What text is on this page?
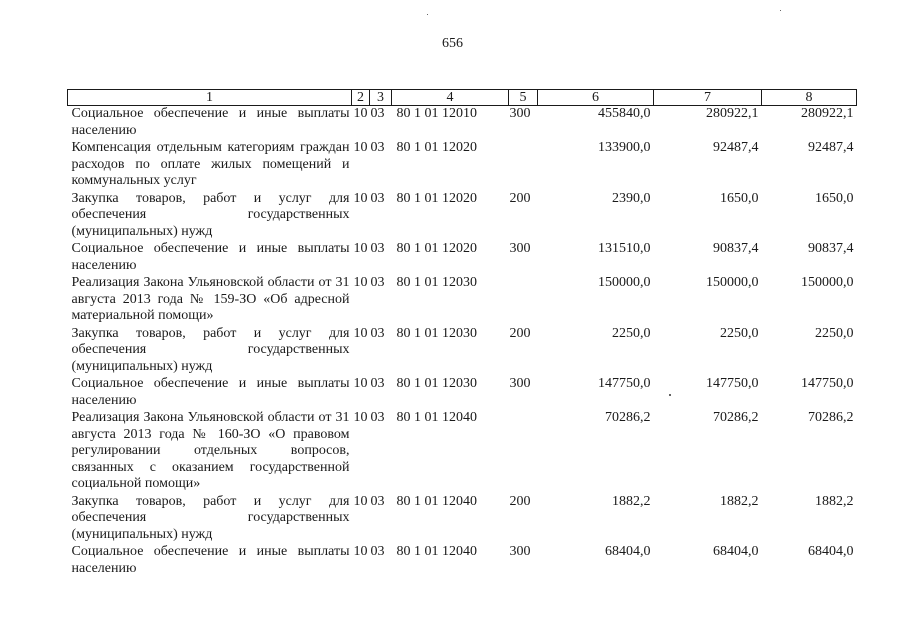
656
1	2	3	4	5	6	7	8
Социальное обеспечение и иные выплаты населению	10	03	80 1 01 12010	300	455840,0	280922,1	280922,1
Компенсация отдельным категориям граждан расходов по оплате жилых помещений и коммунальных услуг	10	03	80 1 01 12020		133900,0	92487,4	92487,4
Закупка товаров, работ и услуг для обеспечения государственных (муниципальных) нужд	10	03	80 1 01 12020	200	2390,0	1650,0	1650,0
Социальное обеспечение и иные выплаты населению	10	03	80 1 01 12020	300	131510,0	90837,4	90837,4
Реализация Закона Ульяновской области от 31 августа 2013 года № 159-ЗО «Об адресной материальной помощи»	10	03	80 1 01 12030		150000,0	150000,0	150000,0
Закупка товаров, работ и услуг для обеспечения государственных (муниципальных) нужд	10	03	80 1 01 12030	200	2250,0	2250,0	2250,0
Социальное обеспечение и иные выплаты населению	10	03	80 1 01 12030	300	147750,0	147750,0	147750,0
Реализация Закона Ульяновской области от 31 августа 2013 года № 160-ЗО «О правовом регулировании отдельных вопросов, связанных с оказанием государственной социальной помощи»	10	03	80 1 01 12040		70286,2	70286,2	70286,2
Закупка товаров, работ и услуг для обеспечения государственных (муниципальных) нужд	10	03	80 1 01 12040	200	1882,2	1882,2	1882,2
Социальное обеспечение и иные выплаты населению	10	03	80 1 01 12040	300	68404,0	68404,0	68404,0
